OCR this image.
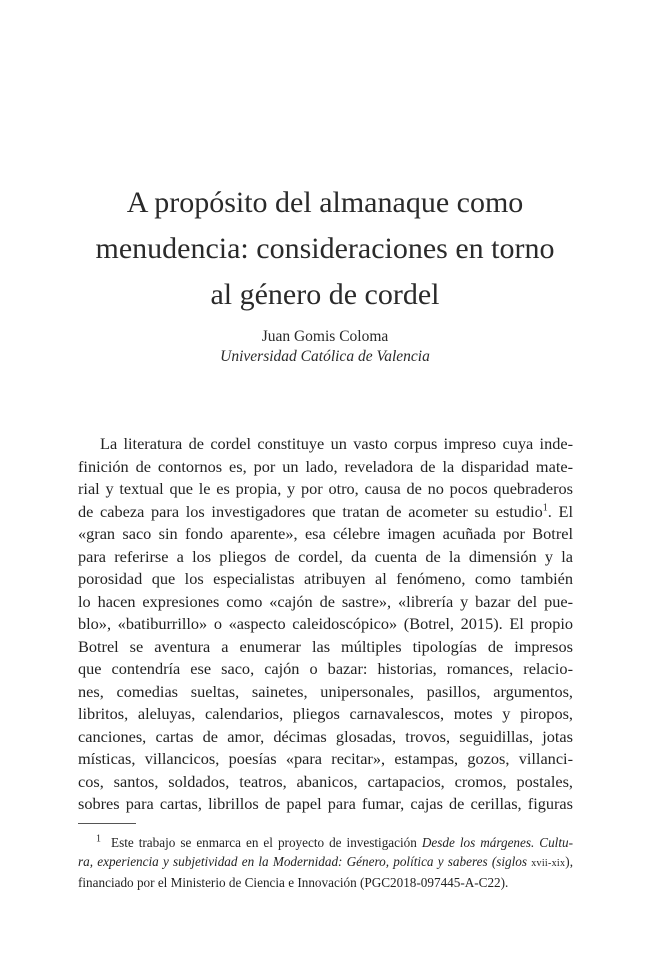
A propósito del almanaque como
menudencia: consideraciones en torno
al género de cordel
Juan Gomis Coloma
Universidad Católica de Valencia
La literatura de cordel constituye un vasto corpus impreso cuya inde-
finición de contornos es, por un lado, reveladora de la disparidad mate-
rial y textual que le es propia, y por otro, causa de no pocos quebraderos
de cabeza para los investigadores que tratan de acometer su estudio$^1$. El
«gran saco sin fondo aparente», esa célebre imagen acuñada por Botrel
para referirse a los pliegos de cordel, da cuenta de la dimensión y la
porosidad que los especialistas atribuyen al fenómeno, como también
lo hacen expresiones como «cajón de sastre», «librería y bazar del pue-
blo», «batiburrillo» o «aspecto caleidoscópico» (Botrel, 2015). El propio
Botrel se aventura a enumerar las múltiples tipologías de impresos
que contendría ese saco, cajón o bazar: historias, romances, relacio-
nes, comedias sueltas, sainetes, unipersonales, pasillos, argumentos,
libritos, aleluyas, calendarios, pliegos carnavalescos, motes y piropos,
canciones, cartas de amor, décimas glosadas, trovos, seguidillas, jotas
místicas, villancicos, poesías «para recitar», estampas, gozos, villanci-
cos, santos, soldados, teatros, abanicos, cartapacios, cromos, postales,
sobres para cartas, librillos de papel para fumar, cajas de cerillas, figuras
$^1$ Este trabajo se enmarca en el proyecto de investigación Desde los márgenes. Cultu-
ra, experiencia y subjetividad en la Modernidad: Género, política y saberes (siglos xvii-xix),
financiado por el Ministerio de Ciencia e Innovación (PGC2018-097445-A-C22).
